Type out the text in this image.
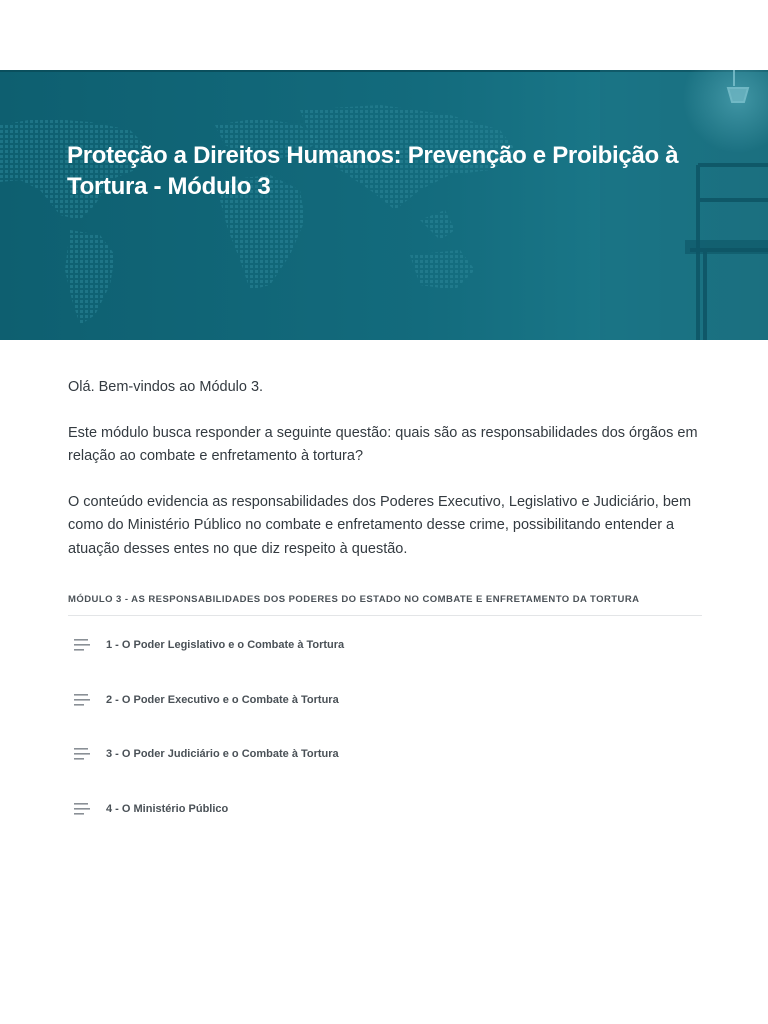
Proteção a Direitos Humanos: Prevenção e Proibição à Tortura - Módulo 3

Olá. Bem-vindos ao Módulo 3.

Este módulo busca responder a seguinte questão: quais são as responsabilidades dos órgãos em relação ao combate e enfretamento à tortura?

O conteúdo evidencia as responsabilidades dos Poderes Executivo, Legislativo e Judiciário, bem como do Ministério Público no combate e enfretamento desse crime, possibilitando entender a atuação desses entes no que diz respeito à questão.

MÓDULO 3 - AS RESPONSABILIDADES DOS PODERES DO ESTADO NO COMBATE E ENFRETAMENTO DA TORTURA
1 - O Poder Legislativo e o Combate à Tortura
2 - O Poder Executivo e o Combate à Tortura
3 - O Poder Judiciário e o Combate à Tortura
4 - O Ministério Público
